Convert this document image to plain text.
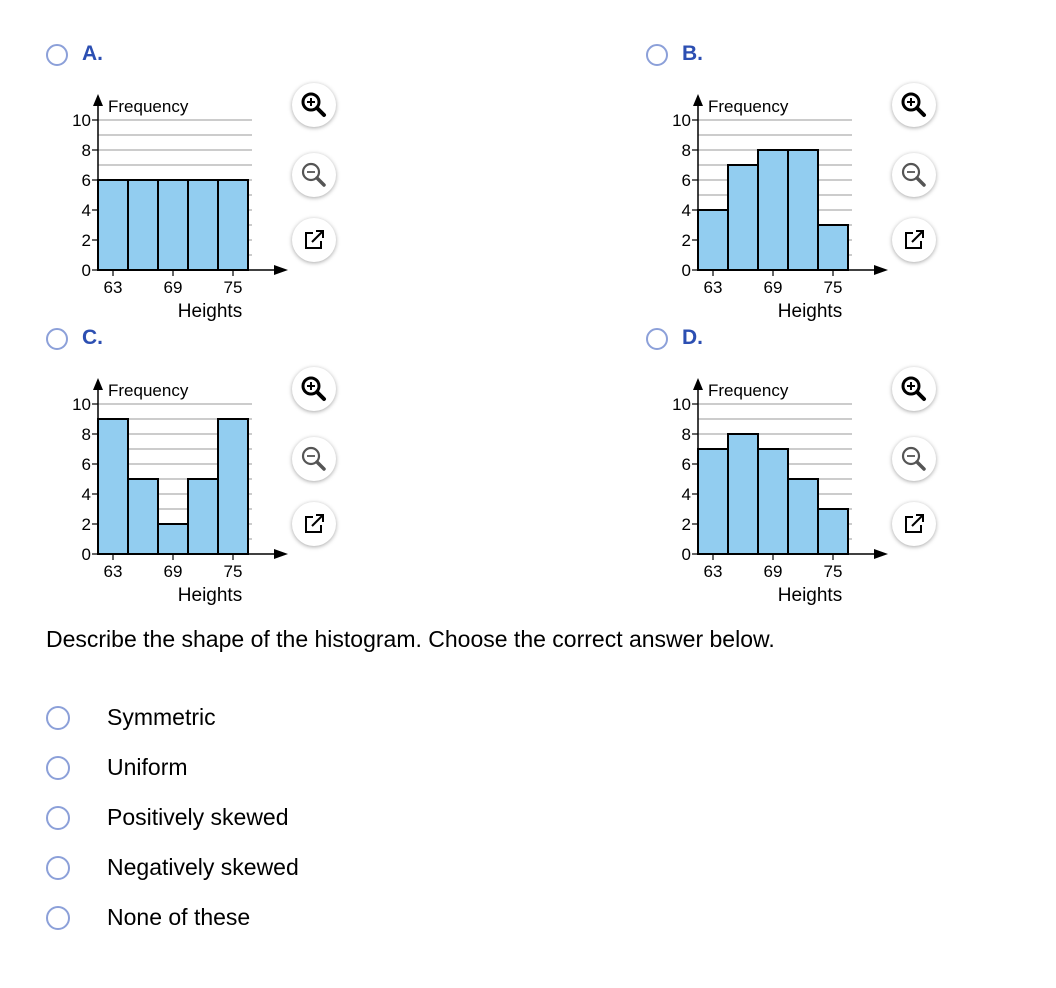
A.
0
2
4
6
8
10
63 69 75
Frequency
Heights
B.
0
2
4
6
8
10
63 69 75
Frequency
Heights
C.
0
2
4
6
8
10
63 69 75
Frequency
Heights
D.
0
2
4
6
8
10
63 69 75
Frequency
Heights
Describe the shape of the histogram. Choose the correct answer below.
Symmetric
Uniform
Positively skewed
Negatively skewed
None of these
